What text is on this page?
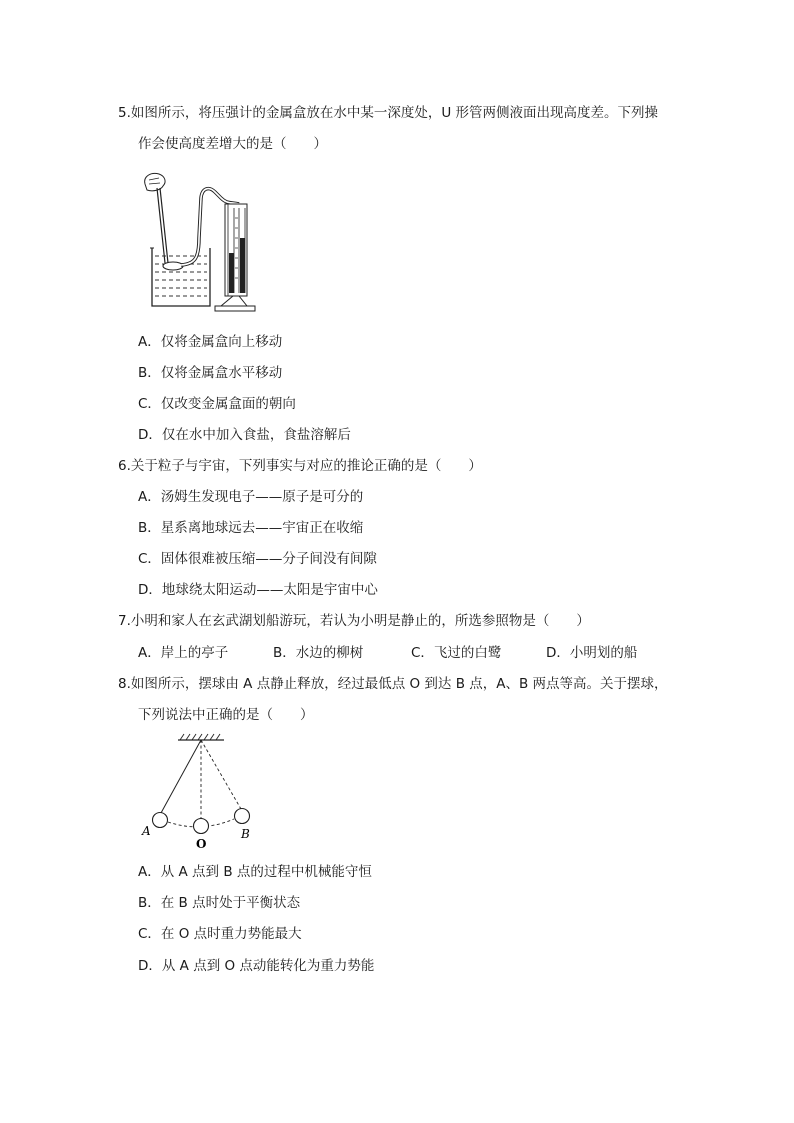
5.如图所示，将压强计的金属盒放在水中某一深度处，U 形管两侧液面出现高度差。下列操
作会使高度差增大的是（　　）
A．仅将金属盒向上移动
B．仅将金属盒水平移动
C．仅改变金属盒面的朝向
D．仅在水中加入食盐，食盐溶解后
6.关于粒子与宇宙，下列事实与对应的推论正确的是（　　）
A．汤姆生发现电子——原子是可分的
B．星系离地球远去——宇宙正在收缩
C．固体很难被压缩——分子间没有间隙
D．地球绕太阳运动——太阳是宇宙中心
7.小明和家人在玄武湖划船游玩，若认为小明是静止的，所选参照物是（　　）
A．岸上的亭子	B．水边的柳树	C．飞过的白鹭	D．小明划的船
8.如图所示，摆球由 A 点静止释放，经过最低点 O 到达 B 点，A、B 两点等高。关于摆球，
下列说法中正确的是（　　）
A
O
B
A．从 A 点到 B 点的过程中机械能守恒
B．在 B 点时处于平衡状态
C．在 O 点时重力势能最大
D．从 A 点到 O 点动能转化为重力势能
